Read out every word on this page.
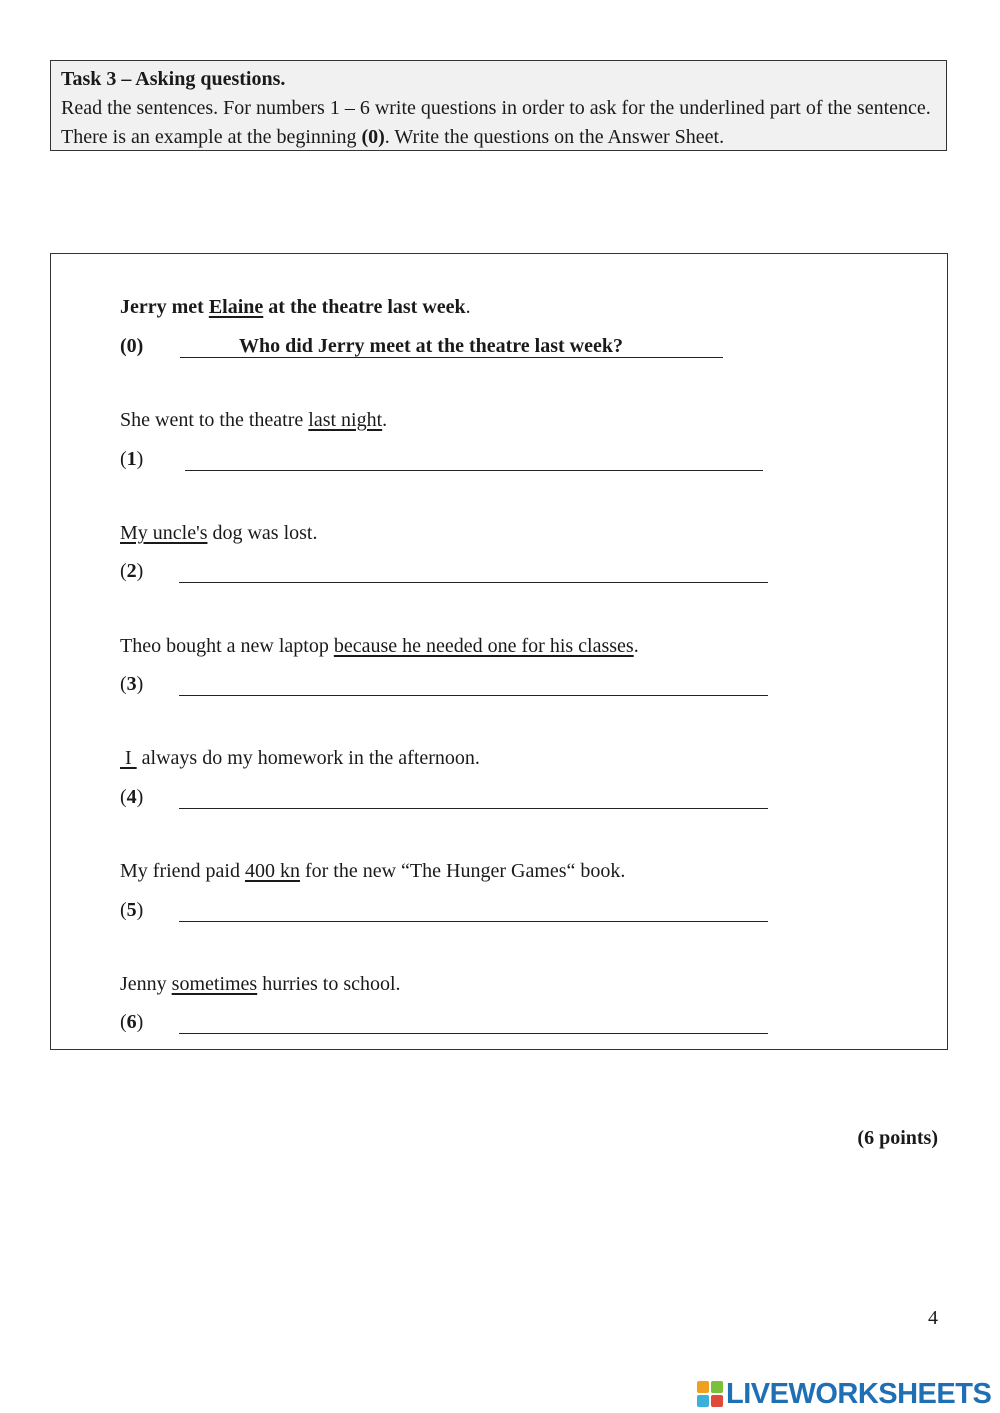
Task 3 – Asking questions.
Read the sentences. For numbers 1 – 6 write questions in order to ask for the underlined part of the sentence. There is an example at the beginning (0). Write the questions on the Answer Sheet.
Jerry met Elaine at the theatre last week.
(0)	Who did Jerry meet at the theatre last week?
She went to the theatre last night.
(1)
My uncle's dog was lost.
(2)
Theo bought a new laptop because he needed one for his classes.
(3)
I  always do my homework in the afternoon.
(4)
My friend paid 400 kn for the new “The Hunger Games“ book.
(5)
Jenny sometimes hurries to school.
(6)
(6 points)
4
LIVEWORKSHEETS
